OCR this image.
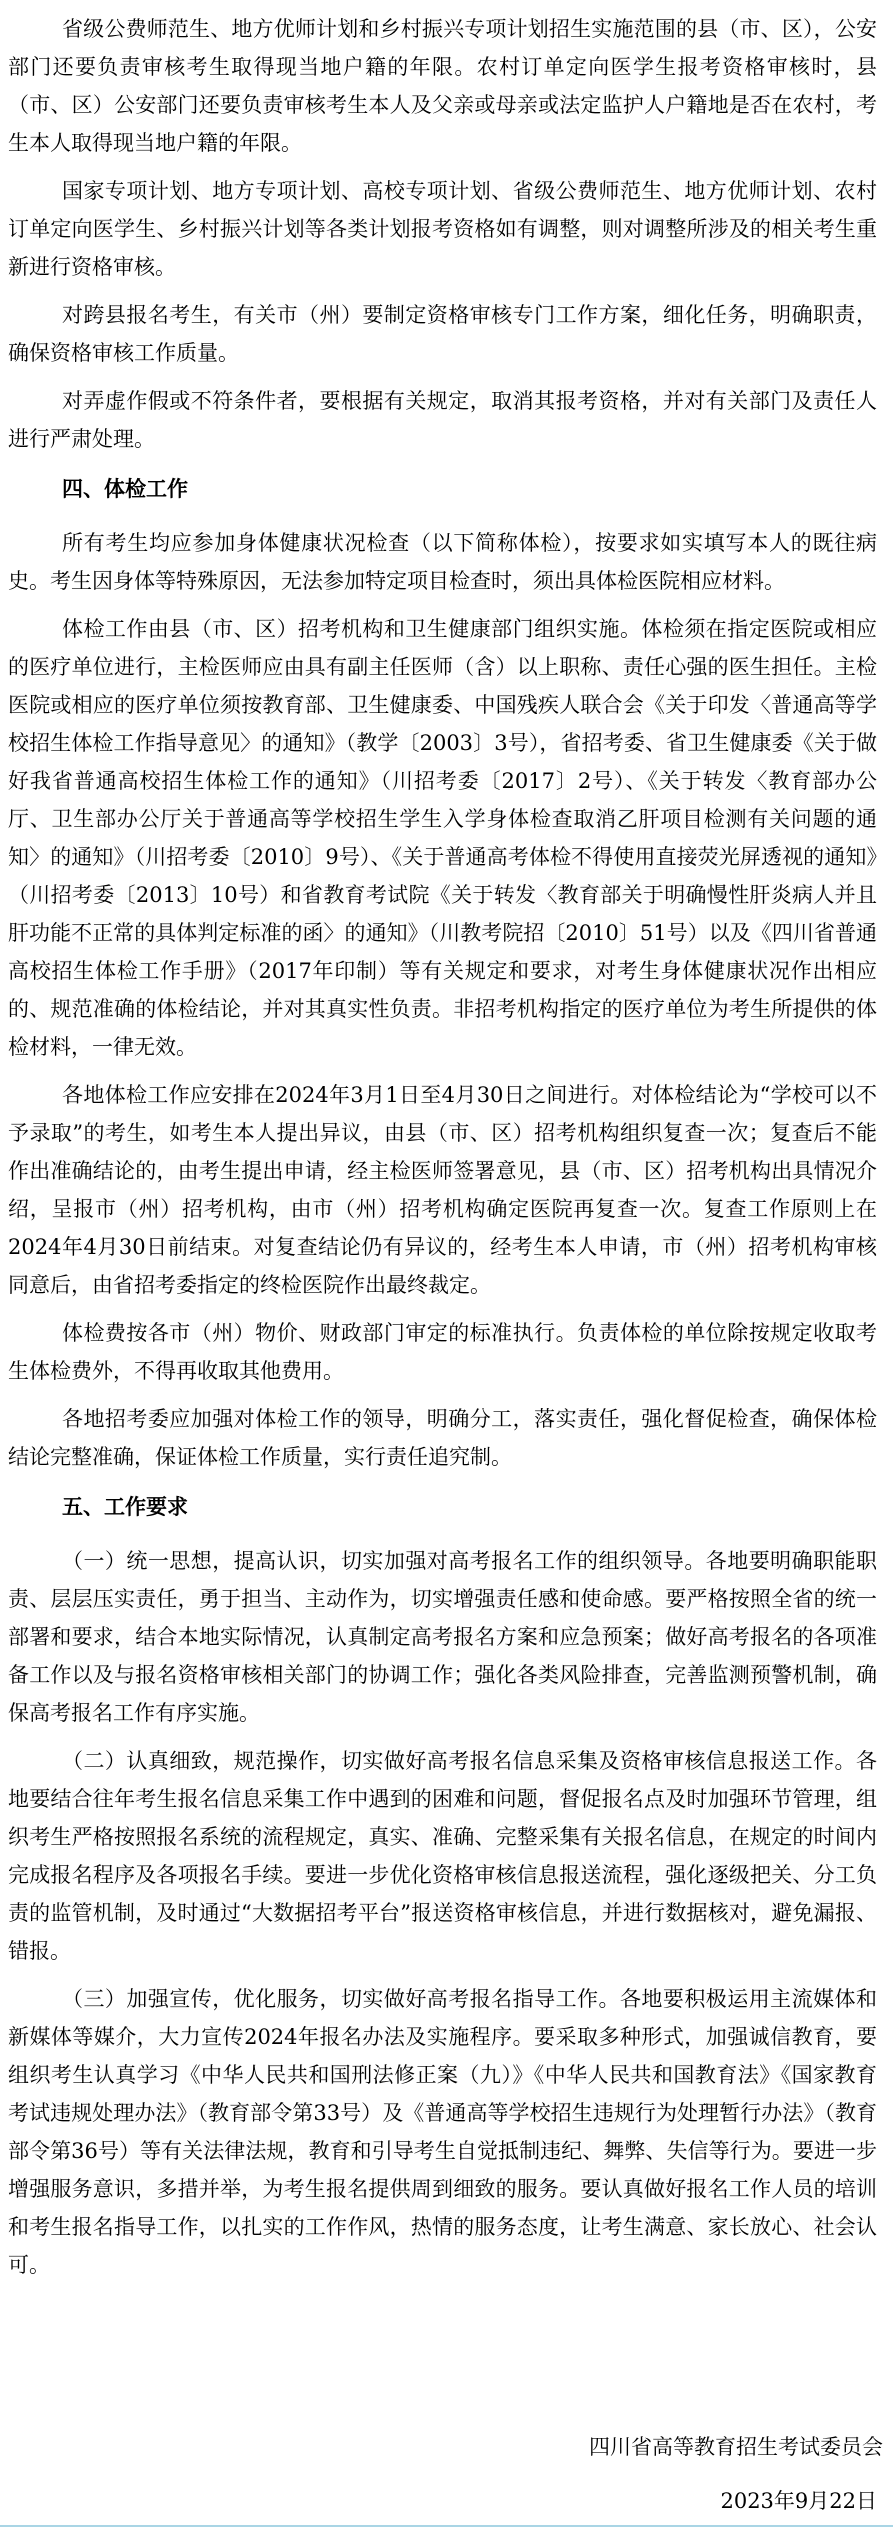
省级公费师范生、地方优师计划和乡村振兴专项计划招生实施范围的县（市、区），公安部门还要负责审核考生取得现当地户籍的年限。农村订单定向医学生报考资格审核时，县（市、区）公安部门还要负责审核考生本人及父亲或母亲或法定监护人户籍地是否在农村，考生本人取得现当地户籍的年限。

国家专项计划、地方专项计划、高校专项计划、省级公费师范生、地方优师计划、农村订单定向医学生、乡村振兴计划等各类计划报考资格如有调整，则对调整所涉及的相关考生重新进行资格审核。

对跨县报名考生，有关市（州）要制定资格审核专门工作方案，细化任务，明确职责，确保资格审核工作质量。

对弄虚作假或不符条件者，要根据有关规定，取消其报考资格，并对有关部门及责任人进行严肃处理。

四、体检工作

所有考生均应参加身体健康状况检查（以下简称体检），按要求如实填写本人的既往病史。考生因身体等特殊原因，无法参加特定项目检查时，须出具体检医院相应材料。

体检工作由县（市、区）招考机构和卫生健康部门组织实施。体检须在指定医院或相应的医疗单位进行，主检医师应由具有副主任医师（含）以上职称、责任心强的医生担任。主检医院或相应的医疗单位须按教育部、卫生健康委、中国残疾人联合会《关于印发〈普通高等学校招生体检工作指导意见〉的通知》（教学〔2003〕3号），省招考委、省卫生健康委《关于做好我省普通高校招生体检工作的通知》（川招考委〔2017〕2号）、《关于转发〈教育部办公厅、卫生部办公厅关于普通高等学校招生学生入学身体检查取消乙肝项目检测有关问题的通知〉的通知》（川招考委〔2010〕9号）、《关于普通高考体检不得使用直接荧光屏透视的通知》（川招考委〔2013〕10号）和省教育考试院《关于转发〈教育部关于明确慢性肝炎病人并且肝功能不正常的具体判定标准的函〉的通知》（川教考院招〔2010〕51号）以及《四川省普通高校招生体检工作手册》（2017年印制）等有关规定和要求，对考生身体健康状况作出相应的、规范准确的体检结论，并对其真实性负责。非招考机构指定的医疗单位为考生所提供的体检材料，一律无效。

各地体检工作应安排在2024年3月1日至4月30日之间进行。对体检结论为“学校可以不予录取”的考生，如考生本人提出异议，由县（市、区）招考机构组织复查一次；复查后不能作出准确结论的，由考生提出申请，经主检医师签署意见，县（市、区）招考机构出具情况介绍，呈报市（州）招考机构，由市（州）招考机构确定医院再复查一次。复查工作原则上在2024年4月30日前结束。对复查结论仍有异议的，经考生本人申请，市（州）招考机构审核同意后，由省招考委指定的终检医院作出最终裁定。

体检费按各市（州）物价、财政部门审定的标准执行。负责体检的单位除按规定收取考生体检费外，不得再收取其他费用。

各地招考委应加强对体检工作的领导，明确分工，落实责任，强化督促检查，确保体检结论完整准确，保证体检工作质量，实行责任追究制。

五、工作要求

（一）统一思想，提高认识，切实加强对高考报名工作的组织领导。各地要明确职能职责、层层压实责任，勇于担当、主动作为，切实增强责任感和使命感。要严格按照全省的统一部署和要求，结合本地实际情况，认真制定高考报名方案和应急预案；做好高考报名的各项准备工作以及与报名资格审核相关部门的协调工作；强化各类风险排查，完善监测预警机制，确保高考报名工作有序实施。

（二）认真细致，规范操作，切实做好高考报名信息采集及资格审核信息报送工作。各地要结合往年考生报名信息采集工作中遇到的困难和问题，督促报名点及时加强环节管理，组织考生严格按照报名系统的流程规定，真实、准确、完整采集有关报名信息，在规定的时间内完成报名程序及各项报名手续。要进一步优化资格审核信息报送流程，强化逐级把关、分工负责的监管机制，及时通过“大数据招考平台”报送资格审核信息，并进行数据核对，避免漏报、错报。

（三）加强宣传，优化服务，切实做好高考报名指导工作。各地要积极运用主流媒体和新媒体等媒介，大力宣传2024年报名办法及实施程序。要采取多种形式，加强诚信教育，要组织考生认真学习《中华人民共和国刑法修正案（九）》《中华人民共和国教育法》《国家教育考试违规处理办法》（教育部令第33号）及《普通高等学校招生违规行为处理暂行办法》（教育部令第36号）等有关法律法规，教育和引导考生自觉抵制违纪、舞弊、失信等行为。要进一步增强服务意识，多措并举，为考生报名提供周到细致的服务。要认真做好报名工作人员的培训和考生报名指导工作，以扎实的工作作风，热情的服务态度，让考生满意、家长放心、社会认可。

四川省高等教育招生考试委员会
2023年9月22日
